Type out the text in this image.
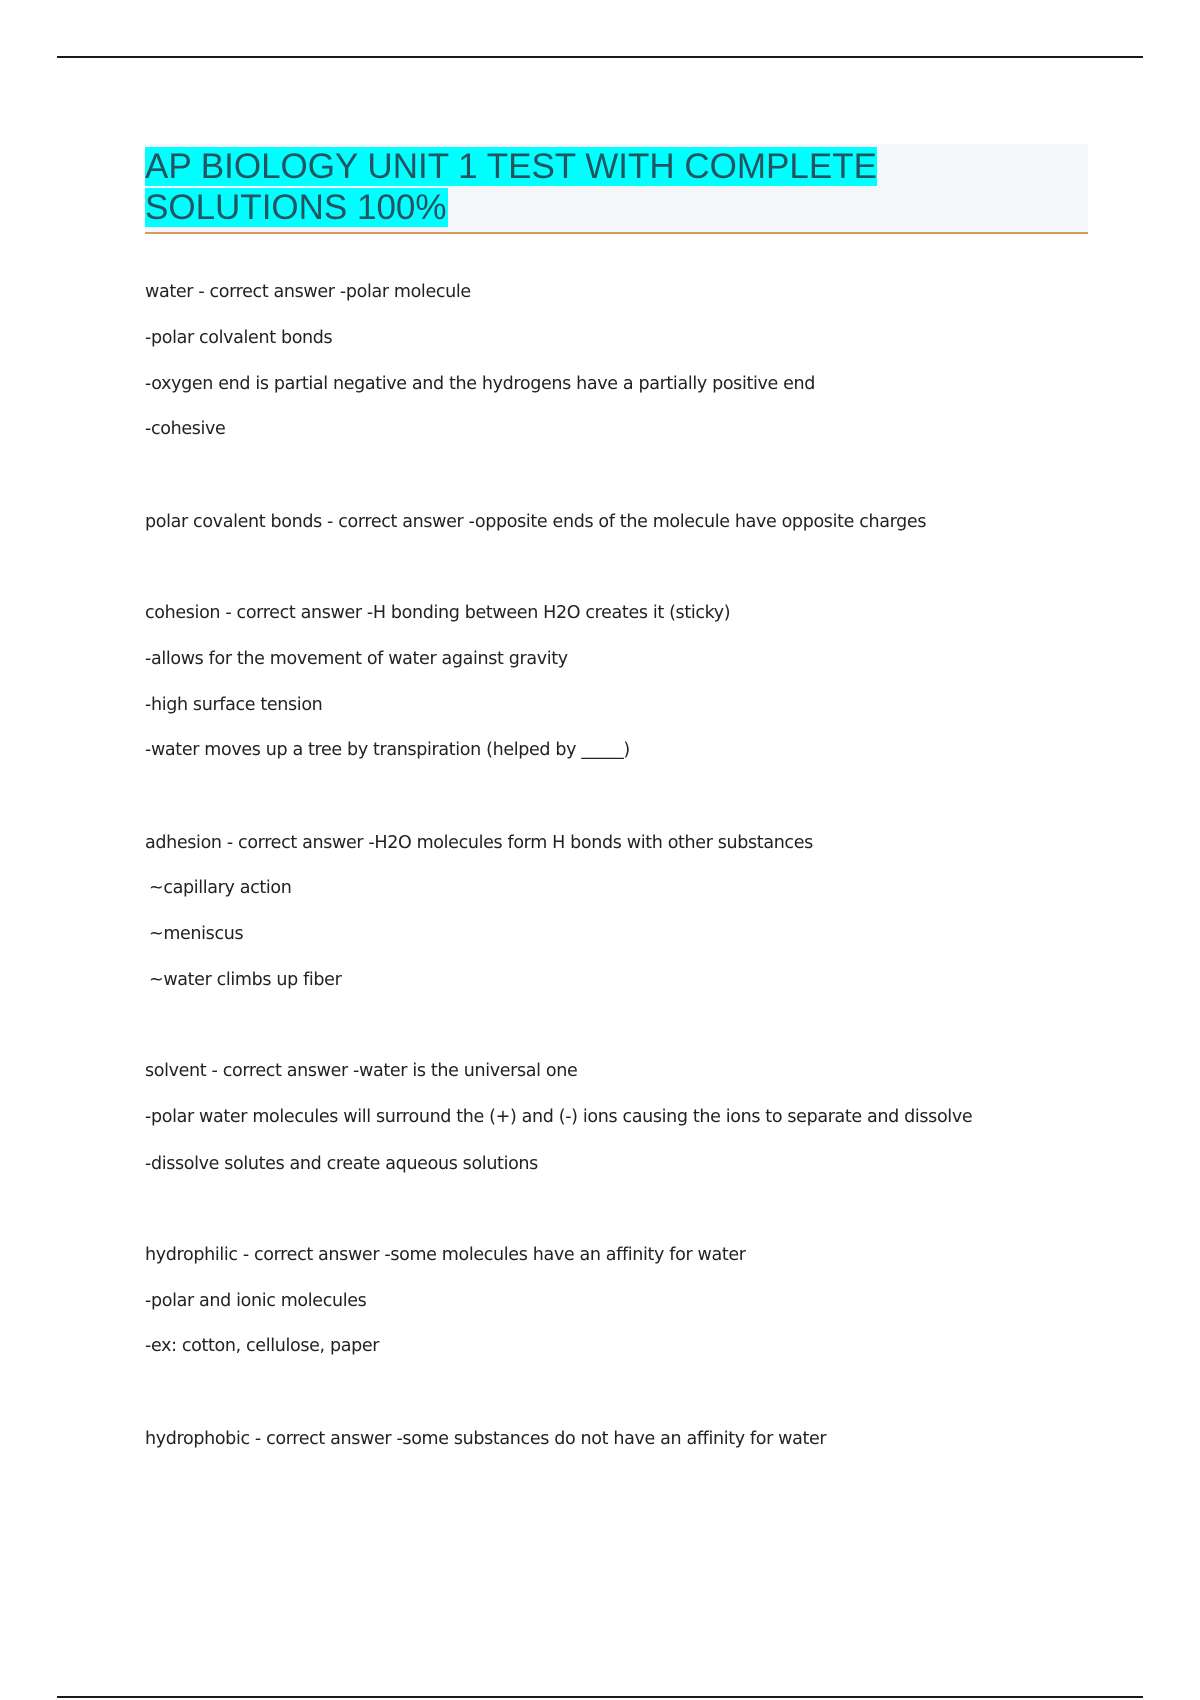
AP BIOLOGY UNIT 1 TEST WITH COMPLETE SOLUTIONS 100%
water - correct answer -polar molecule
-polar colvalent bonds
-oxygen end is partial negative and the hydrogens have a partially positive end
-cohesive
polar covalent bonds - correct answer -opposite ends of the molecule have opposite charges
cohesion - correct answer -H bonding between H2O creates it (sticky)
-allows for the movement of water against gravity
-high surface tension
-water moves up a tree by transpiration (helped by _____)
adhesion - correct answer -H2O molecules form H bonds with other substances
~capillary action
~meniscus
~water climbs up fiber
solvent - correct answer -water is the universal one
-polar water molecules will surround the (+) and (-) ions causing the ions to separate and dissolve
-dissolve solutes and create aqueous solutions
hydrophilic - correct answer -some molecules have an affinity for water
-polar and ionic molecules
-ex: cotton, cellulose, paper
hydrophobic - correct answer -some substances do not have an affinity for water
